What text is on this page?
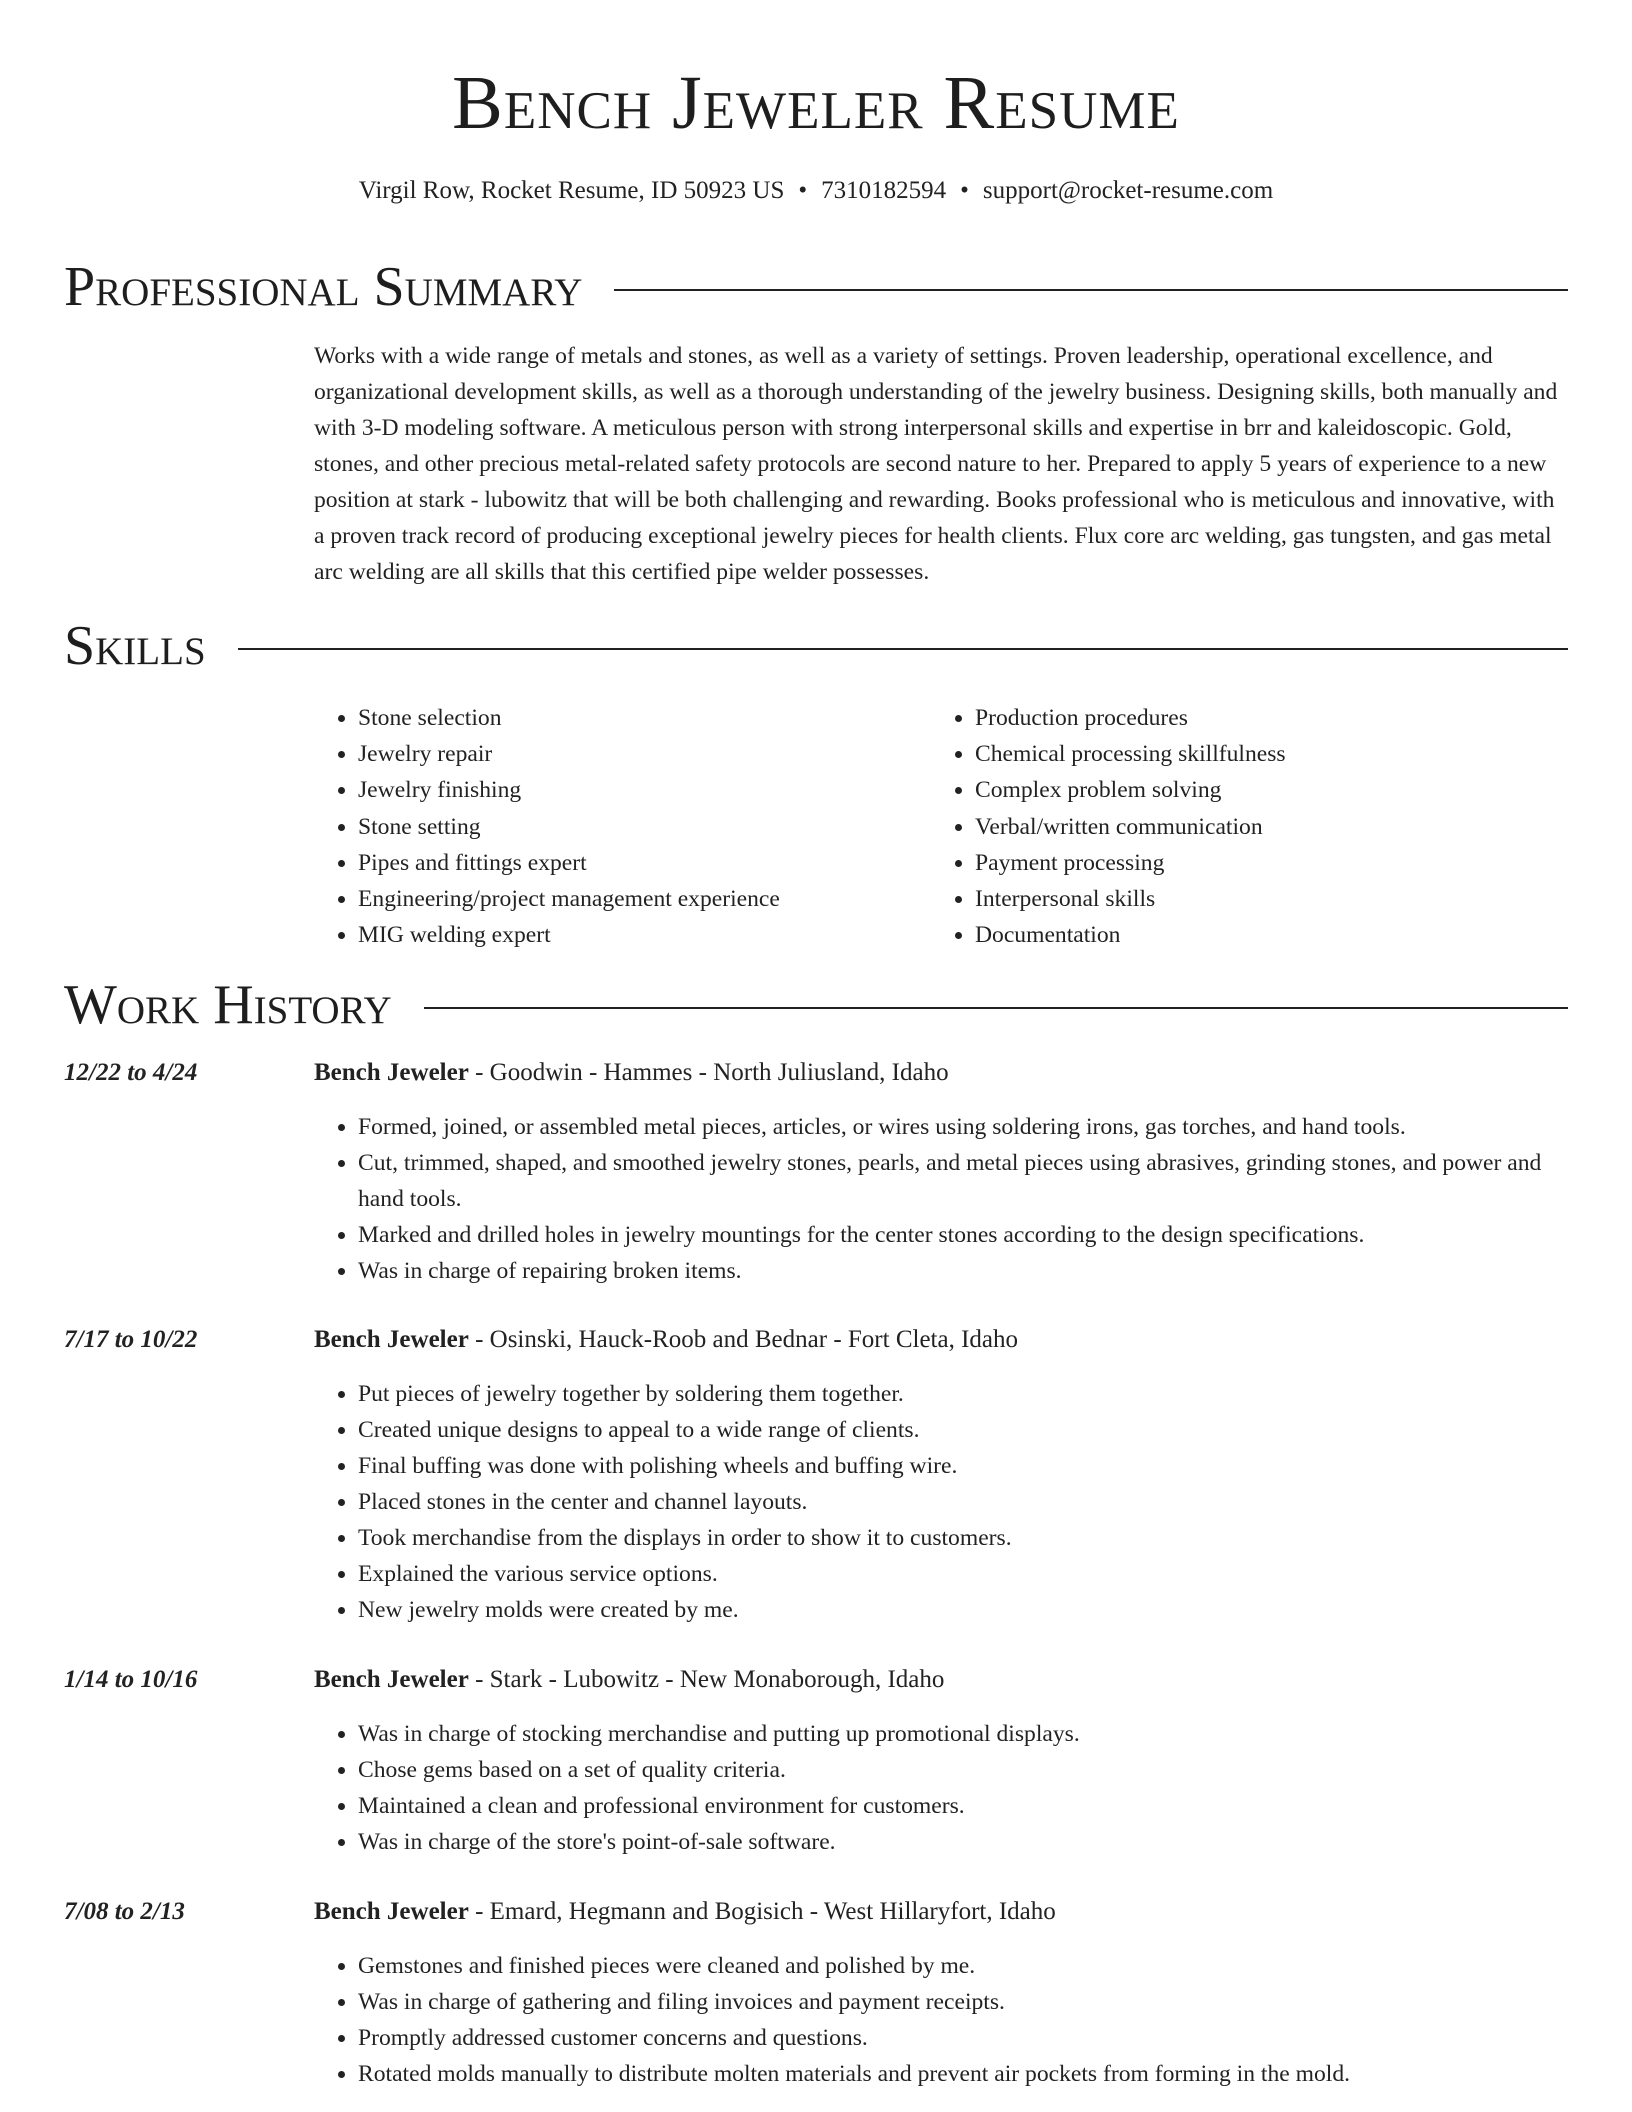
Bench Jeweler Resume
Virgil Row, Rocket Resume, ID 50923 US • 7310182594 • support@rocket-resume.com
Professional Summary

Works with a wide range of metals and stones, as well as a variety of settings. Proven leadership, operational excellence, and organizational development skills, as well as a thorough understanding of the jewelry business. Designing skills, both manually and with 3-D modeling software. A meticulous person with strong interpersonal skills and expertise in brr and kaleidoscopic. Gold, stones, and other precious metal-related safety protocols are second nature to her. Prepared to apply 5 years of experience to a new position at stark - lubowitz that will be both challenging and rewarding. Books professional who is meticulous and innovative, with a proven track record of producing exceptional jewelry pieces for health clients. Flux core arc welding, gas tungsten, and gas metal arc welding are all skills that this certified pipe welder possesses.

Skills
• Stone selection
• Jewelry repair
• Jewelry finishing
• Stone setting
• Pipes and fittings expert
• Engineering/project management experience
• MIG welding expert
• Production procedures
• Chemical processing skillfulness
• Complex problem solving
• Verbal/written communication
• Payment processing
• Interpersonal skills
• Documentation
Work History
12/22 to 4/24	Bench Jeweler - Goodwin - Hammes - North Juliusland, Idaho
• Formed, joined, or assembled metal pieces, articles, or wires using soldering irons, gas torches, and hand tools.
• Cut, trimmed, shaped, and smoothed jewelry stones, pearls, and metal pieces using abrasives, grinding stones, and power and hand tools.
• Marked and drilled holes in jewelry mountings for the center stones according to the design specifications.
• Was in charge of repairing broken items.
7/17 to 10/22	Bench Jeweler - Osinski, Hauck-Roob and Bednar - Fort Cleta, Idaho
• Put pieces of jewelry together by soldering them together.
• Created unique designs to appeal to a wide range of clients.
• Final buffing was done with polishing wheels and buffing wire.
• Placed stones in the center and channel layouts.
• Took merchandise from the displays in order to show it to customers.
• Explained the various service options.
• New jewelry molds were created by me.
1/14 to 10/16	Bench Jeweler - Stark - Lubowitz - New Monaborough, Idaho
• Was in charge of stocking merchandise and putting up promotional displays.
• Chose gems based on a set of quality criteria.
• Maintained a clean and professional environment for customers.
• Was in charge of the store's point-of-sale software.
7/08 to 2/13	Bench Jeweler - Emard, Hegmann and Bogisich - West Hillaryfort, Idaho
• Gemstones and finished pieces were cleaned and polished by me.
• Was in charge of gathering and filing invoices and payment receipts.
• Promptly addressed customer concerns and questions.
• Rotated molds manually to distribute molten materials and prevent air pockets from forming in the mold.
